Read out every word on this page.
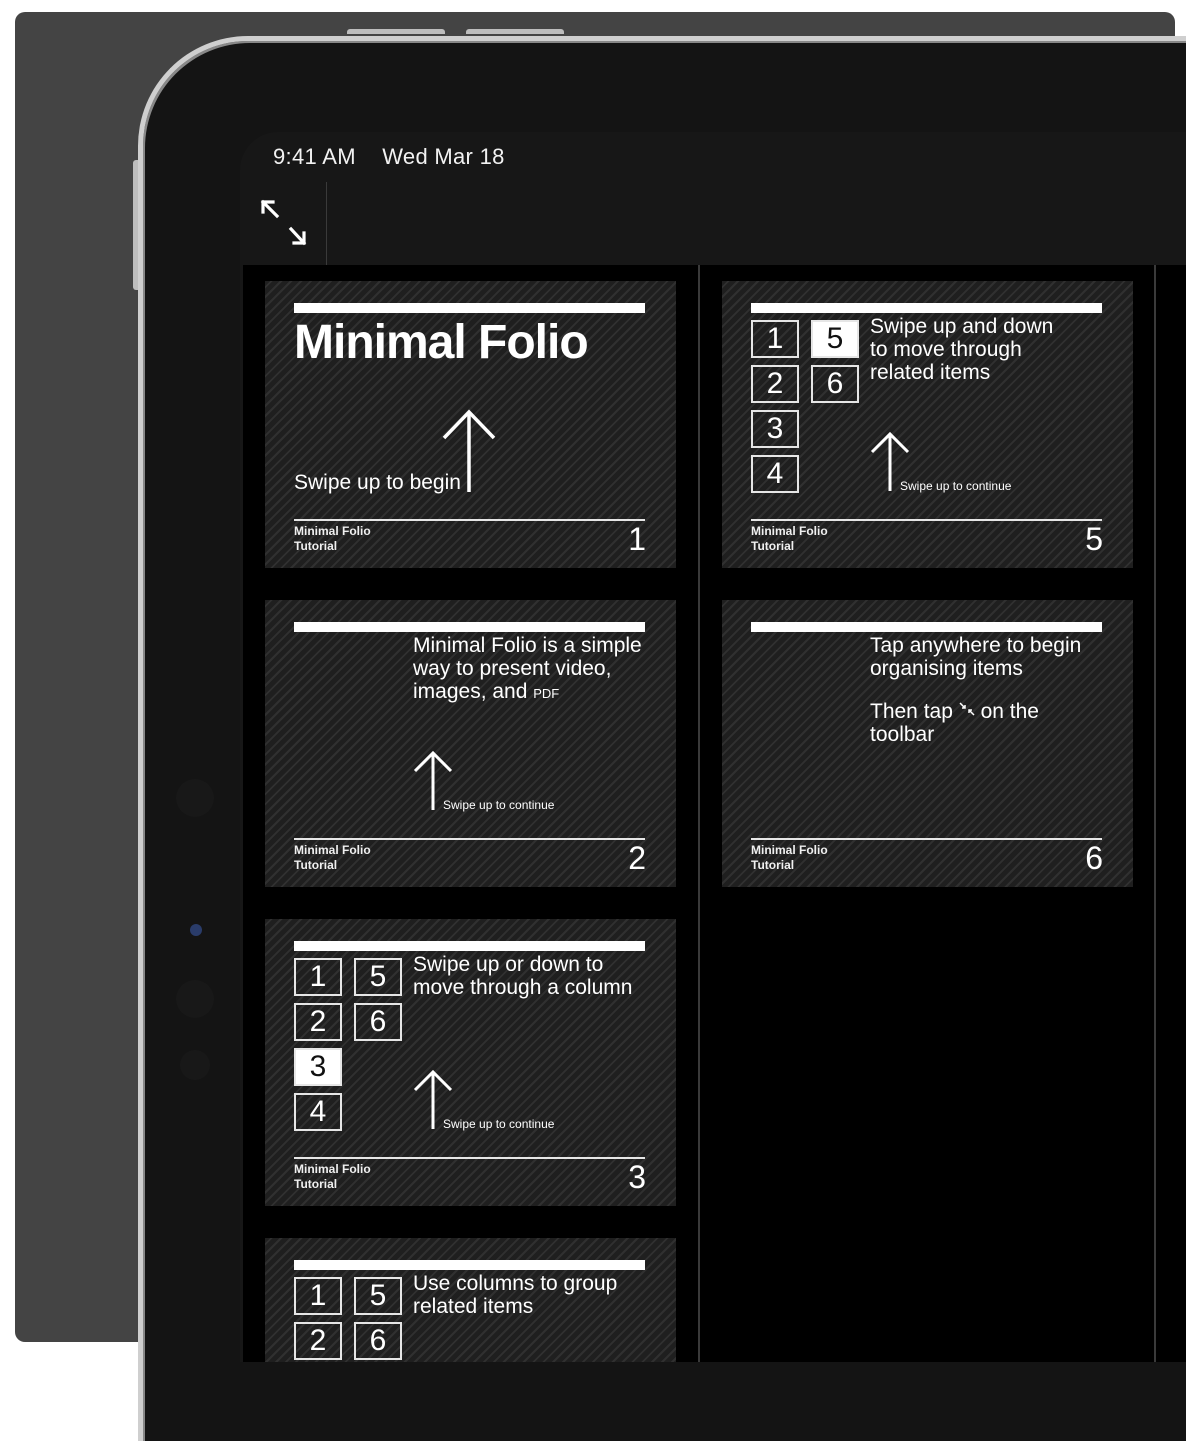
9:41 AM Wed Mar 18
Minimal Folio
Swipe up to begin
Minimal Folio
Tutorial	1
Minimal Folio is a simple
way to present video,
images, and PDF
Swipe up to continue
Minimal Folio
Tutorial	2
1	5
2	6
3
4
Swipe up or down to
move through a column
Swipe up to continue
Minimal Folio
Tutorial	3
1	5
2	6
Use columns to group
related items
1	5
2	6
3
4
Swipe up and down
to move through
related items
Swipe up to continue
Minimal Folio
Tutorial	5
Tap anywhere to begin
organising items
Then tap  on the
toolbar
Minimal Folio
Tutorial	6
